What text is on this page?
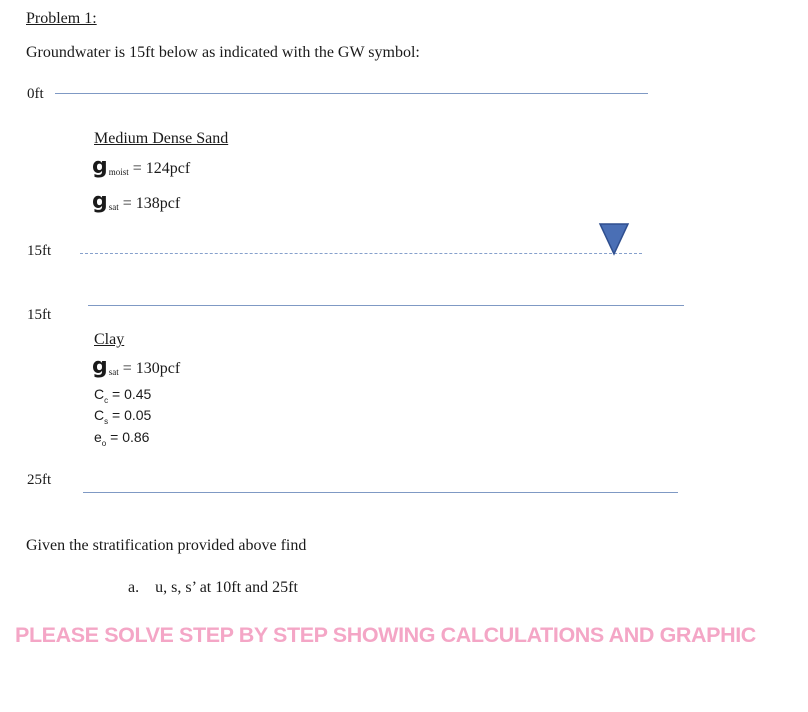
Problem 1:
Groundwater is 15ft below as indicated with the GW symbol:
0ft
15ft
15ft
25ft
Medium Dense Sand
g moist = 124pcf
g sat = 138pcf
Clay
g sat = 130pcf
$C_c = 0.45$
$C_s = 0.05$
$e_o = 0.86$
Given the stratification provided above find
a. u, s, s’ at 10ft and 25ft
PLEASE SOLVE STEP BY STEP SHOWING CALCULATIONS AND GRAPHIC
